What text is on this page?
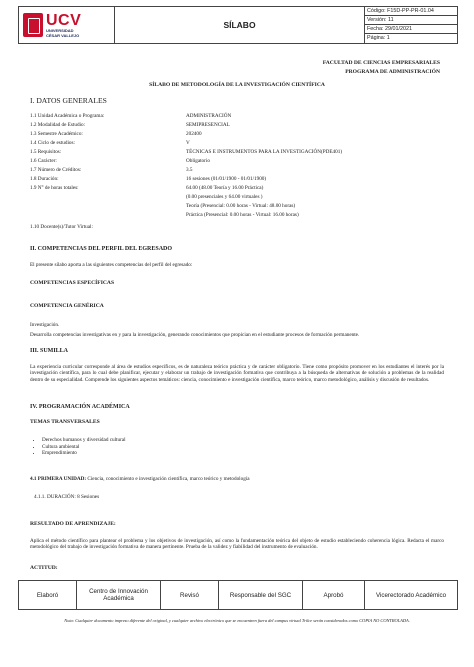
UCV
UNIVERSIDAD
CÉSAR VALLEJO
SÍLABO
Código: F15D-PP-PR-01.04
Versión: 11
Fecha: 29/01/2021
Página: 1
FACULTAD DE CIENCIAS EMPRESARIALES
PROGRAMA DE ADMINISTRACIÓN
SÍLABO DE METODOLOGÍA DE LA INVESTIGACIÓN CIENTÍFICA
I. DATOS GENERALES
1.1 Unidad Académica o Programa:	ADMINISTRACIÓN
1.2 Modalidad de Estudio:	SEMIPRESENCIAL
1.3 Semestre Académico:	202400
1.4 Ciclo de estudios:	V
1.5 Requisitos:	TÉCNICAS E INSTRUMENTOS PARA LA INVESTIGACIÓN(PDE401)
1.6 Carácter:	Obligatorio
1.7 Número de Créditos:	3.5
1.8 Duración:	16 sesiones (01/01/1900 - 01/01/1900)
1.9 N° de horas totales:	64.00 (48.00 Teoría y 16.00 Práctica)
(0.00 presenciales y 64.00 virtuales )
Teoría (Presencial: 0.00 horas - Virtual: 48.00 horas)
Práctica (Presencial: 0.00 horas - Virtual: 16.00 horas)
1.10 Docente(s)/Tutor Virtual:
II. COMPETENCIAS DEL PERFIL DEL EGRESADO
El presente sílabo aporta a las siguientes competencias del perfil del egresado:
COMPETENCIAS ESPECÍFICAS
COMPETENCIA GENÉRICA
Investigación.
Desarrolla competencias investigativas en y para la investigación, generando conocimientos que propician en el estudiante procesos de formación permanente.
III. SUMILLA
La experiencia curricular corresponde al área de estudios específicos, es de naturaleza teórico práctica y de carácter obligatorio. Tiene como propósito promover en los estudiantes el interés por la investigación científica, para lo cual debe planificar, ejecutar y elaborar un trabajo de investigación formativa que contribuya a la búsqueda de alternativas de solución a problemas de la realidad dentro de su especialidad. Comprende los siguientes aspectos temáticos: ciencia, conocimiento e investigación científica, marco teórico, marco metodológico, análisis y discusión de resultados.
IV. PROGRAMACIÓN ACADÉMICA
TEMAS TRANSVERSALES
• Derechos humanos y diversidad cultural
• Cultura ambiental
• Emprendimiento
4.1 PRIMERA UNIDAD: Ciencia, conocimiento e investigación científica, marco teórico y metodología
4.1.1. DURACIÓN: 8 Sesiones
RESULTADO DE APRENDIZAJE:
Aplica el método científico para plantear el problema y los objetivos de investigación, así como la fundamentación teórica del objeto de estudio estableciendo coherencia lógica. Redacta el marco metodológico del trabajo de investigación formativa de manera pertinente. Prueba de la validez y fiabilidad del instrumento de evaluación.
ACTITUD:
Elaboró	Centro de Innovación Académica	Revisó	Responsable del SGC	Aprobó	Vicerectorado Académico
Nota: Cualquier documento impreso diferente del original, y cualquier archivo electrónico que se encuentren fuera del campus virtual Trilce serán considerados como COPIA NO CONTROLADA.
